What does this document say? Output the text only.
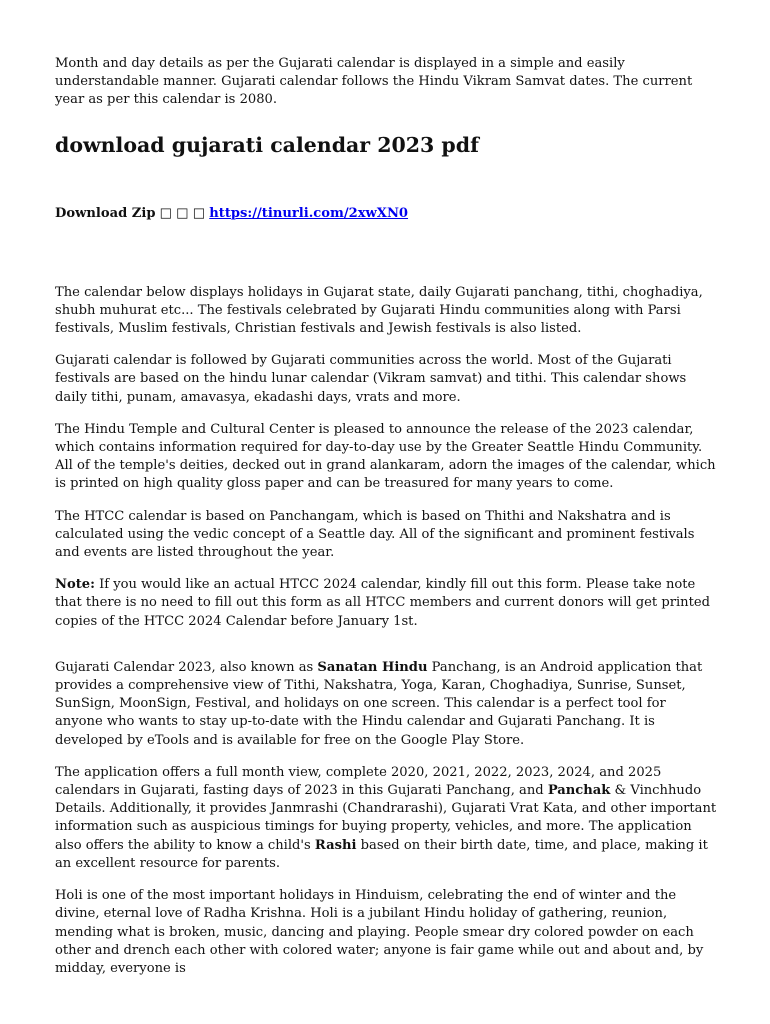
Month and day details as per the Gujarati calendar is displayed in a simple and easily understandable manner. Gujarati calendar follows the Hindu Vikram Samvat dates. The current year as per this calendar is 2080.

download gujarati calendar 2023 pdf
Download Zip □ □ □ https://tinurli.com/2xwXN0

The calendar below displays holidays in Gujarat state, daily Gujarati panchang, tithi, choghadiya, shubh muhurat etc... The festivals celebrated by Gujarati Hindu communities along with Parsi festivals, Muslim festivals, Christian festivals and Jewish festivals is also listed.

Gujarati calendar is followed by Gujarati communities across the world. Most of the Gujarati festivals are based on the hindu lunar calendar (Vikram samvat) and tithi. This calendar shows daily tithi, punam, amavasya, ekadashi days, vrats and more.

The Hindu Temple and Cultural Center is pleased to announce the release of the 2023 calendar, which contains information required for day-to-day use by the Greater Seattle Hindu Community. All of the temple's deities, decked out in grand alankaram, adorn the images of the calendar, which is printed on high quality gloss paper and can be treasured for many years to come.

The HTCC calendar is based on Panchangam, which is based on Thithi and Nakshatra and is calculated using the vedic concept of a Seattle day. All of the significant and prominent festivals and events are listed throughout the year.

Note: If you would like an actual HTCC 2024 calendar, kindly fill out this form. Please take note that there is no need to fill out this form as all HTCC members and current donors will get printed copies of the HTCC 2024 Calendar before January 1st.

Gujarati Calendar 2023, also known as Sanatan Hindu Panchang, is an Android application that provides a comprehensive view of Tithi, Nakshatra, Yoga, Karan, Choghadiya, Sunrise, Sunset, SunSign, MoonSign, Festival, and holidays on one screen. This calendar is a perfect tool for anyone who wants to stay up-to-date with the Hindu calendar and Gujarati Panchang. It is developed by eTools and is available for free on the Google Play Store.

The application offers a full month view, complete 2020, 2021, 2022, 2023, 2024, and 2025 calendars in Gujarati, fasting days of 2023 in this Gujarati Panchang, and Panchak & Vinchhudo Details. Additionally, it provides Janmrashi (Chandrarashi), Gujarati Vrat Kata, and other important information such as auspicious timings for buying property, vehicles, and more. The application also offers the ability to know a child's Rashi based on their birth date, time, and place, making it an excellent resource for parents.

Holi is one of the most important holidays in Hinduism, celebrating the end of winter and the divine, eternal love of Radha Krishna. Holi is a jubilant Hindu holiday of gathering, reunion, mending what is broken, music, dancing and playing. People smear dry colored powder on each other and drench each other with colored water; anyone is fair game while out and about and, by midday, everyone is
